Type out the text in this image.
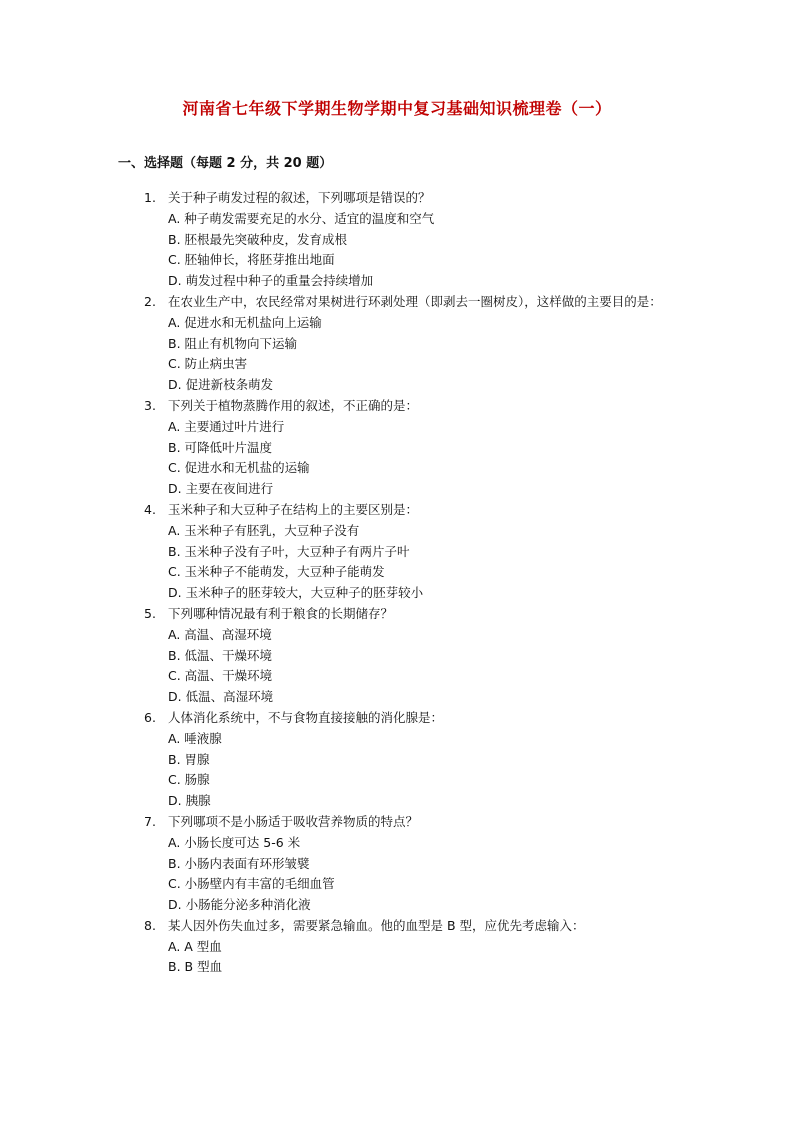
河南省七年级下学期生物学期中复习基础知识梳理卷（一）
一、选择题（每题 2 分，共 20 题）
1. 关于种子萌发过程的叙述，下列哪项是错误的？
A. 种子萌发需要充足的水分、适宜的温度和空气
B. 胚根最先突破种皮，发育成根
C. 胚轴伸长，将胚芽推出地面
D. 萌发过程中种子的重量会持续增加
2. 在农业生产中，农民经常对果树进行环剥处理（即剥去一圈树皮），这样做的主要目的是：
A. 促进水和无机盐向上运输
B. 阻止有机物向下运输
C. 防止病虫害
D. 促进新枝条萌发
3. 下列关于植物蒸腾作用的叙述，不正确的是：
A. 主要通过叶片进行
B. 可降低叶片温度
C. 促进水和无机盐的运输
D. 主要在夜间进行
4. 玉米种子和大豆种子在结构上的主要区别是：
A. 玉米种子有胚乳，大豆种子没有
B. 玉米种子没有子叶，大豆种子有两片子叶
C. 玉米种子不能萌发，大豆种子能萌发
D. 玉米种子的胚芽较大，大豆种子的胚芽较小
5. 下列哪种情况最有利于粮食的长期储存？
A. 高温、高湿环境
B. 低温、干燥环境
C. 高温、干燥环境
D. 低温、高湿环境
6. 人体消化系统中，不与食物直接接触的消化腺是：
A. 唾液腺
B. 胃腺
C. 肠腺
D. 胰腺
7. 下列哪项不是小肠适于吸收营养物质的特点？
A. 小肠长度可达 5-6 米
B. 小肠内表面有环形皱襞
C. 小肠壁内有丰富的毛细血管
D. 小肠能分泌多种消化液
8. 某人因外伤失血过多，需要紧急输血。他的血型是 B 型，应优先考虑输入：
A. A 型血
B. B 型血
